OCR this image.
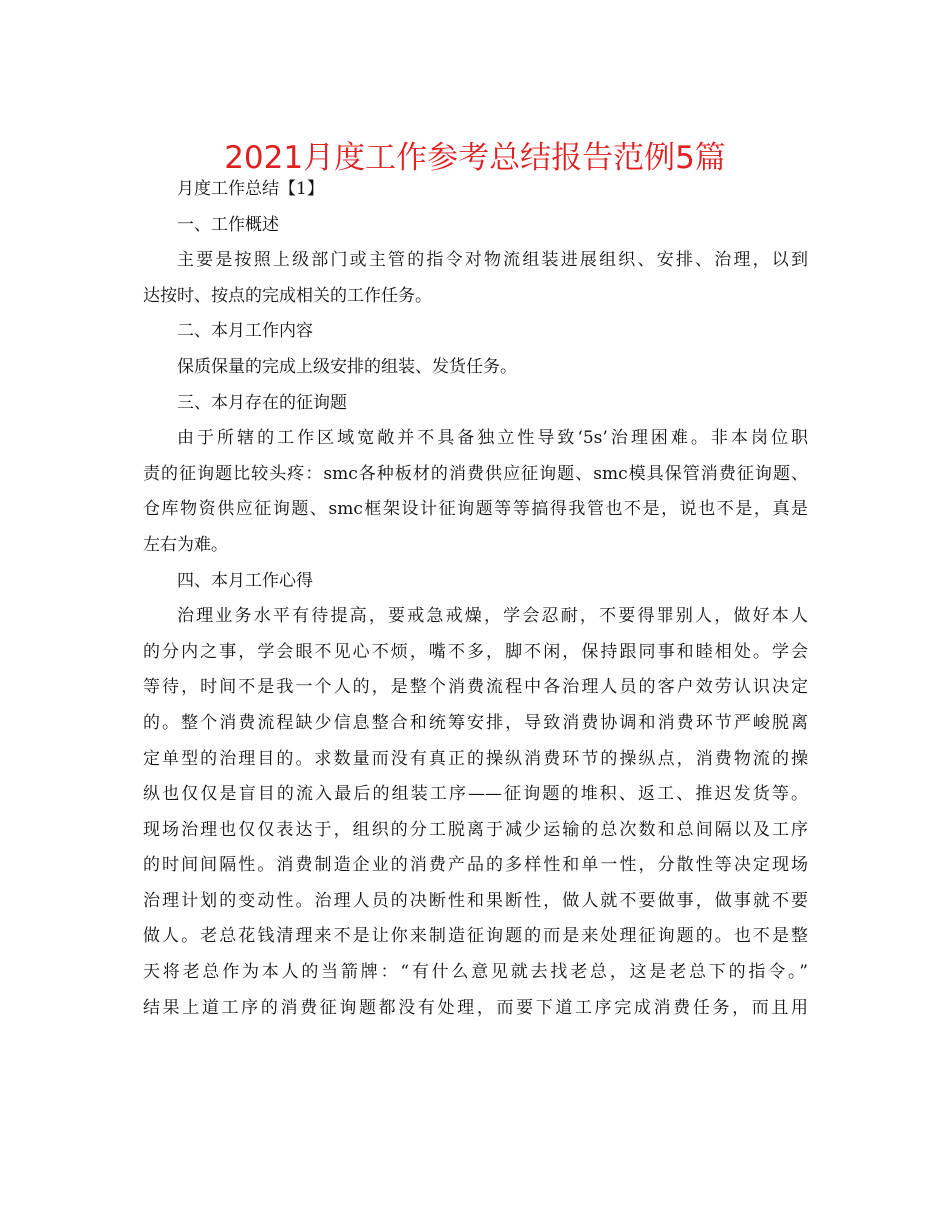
2021月度工作参考总结报告范例5篇
月度工作总结【1】
一、工作概述
主要是按照上级部门或主管的指令对物流组装进展组织、安排、治理，以到
达按时、按点的完成相关的工作任务。
二、本月工作内容
保质保量的完成上级安排的组装、发货任务。
三、本月存在的征询题
由于所辖的工作区域宽敞并不具备独立性导致‘5s’治理困难。非本岗位职
责的征询题比较头疼：smc各种板材的消费供应征询题、smc模具保管消费征询题、
仓库物资供应征询题、smc框架设计征询题等等搞得我管也不是，说也不是，真是
左右为难。
四、本月工作心得
治理业务水平有待提高，要戒急戒燥，学会忍耐，不要得罪别人，做好本人
的分内之事，学会眼不见心不烦，嘴不多，脚不闲，保持跟同事和睦相处。学会
等待，时间不是我一个人的，是整个消费流程中各治理人员的客户效劳认识决定
的。整个消费流程缺少信息整合和统筹安排，导致消费协调和消费环节严峻脱离
定单型的治理目的。求数量而没有真正的操纵消费环节的操纵点，消费物流的操
纵也仅仅是盲目的流入最后的组装工序——征询题的堆积、返工、推迟发货等。
现场治理也仅仅表达于，组织的分工脱离于减少运输的总次数和总间隔以及工序
的时间间隔性。消费制造企业的消费产品的多样性和单一性，分散性等决定现场
治理计划的变动性。治理人员的决断性和果断性，做人就不要做事，做事就不要
做人。老总花钱清理来不是让你来制造征询题的而是来处理征询题的。也不是整
天将老总作为本人的当箭牌：“有什么意见就去找老总，这是老总下的指令。”
结果上道工序的消费征询题都没有处理，而要下道工序完成消费任务，而且用
